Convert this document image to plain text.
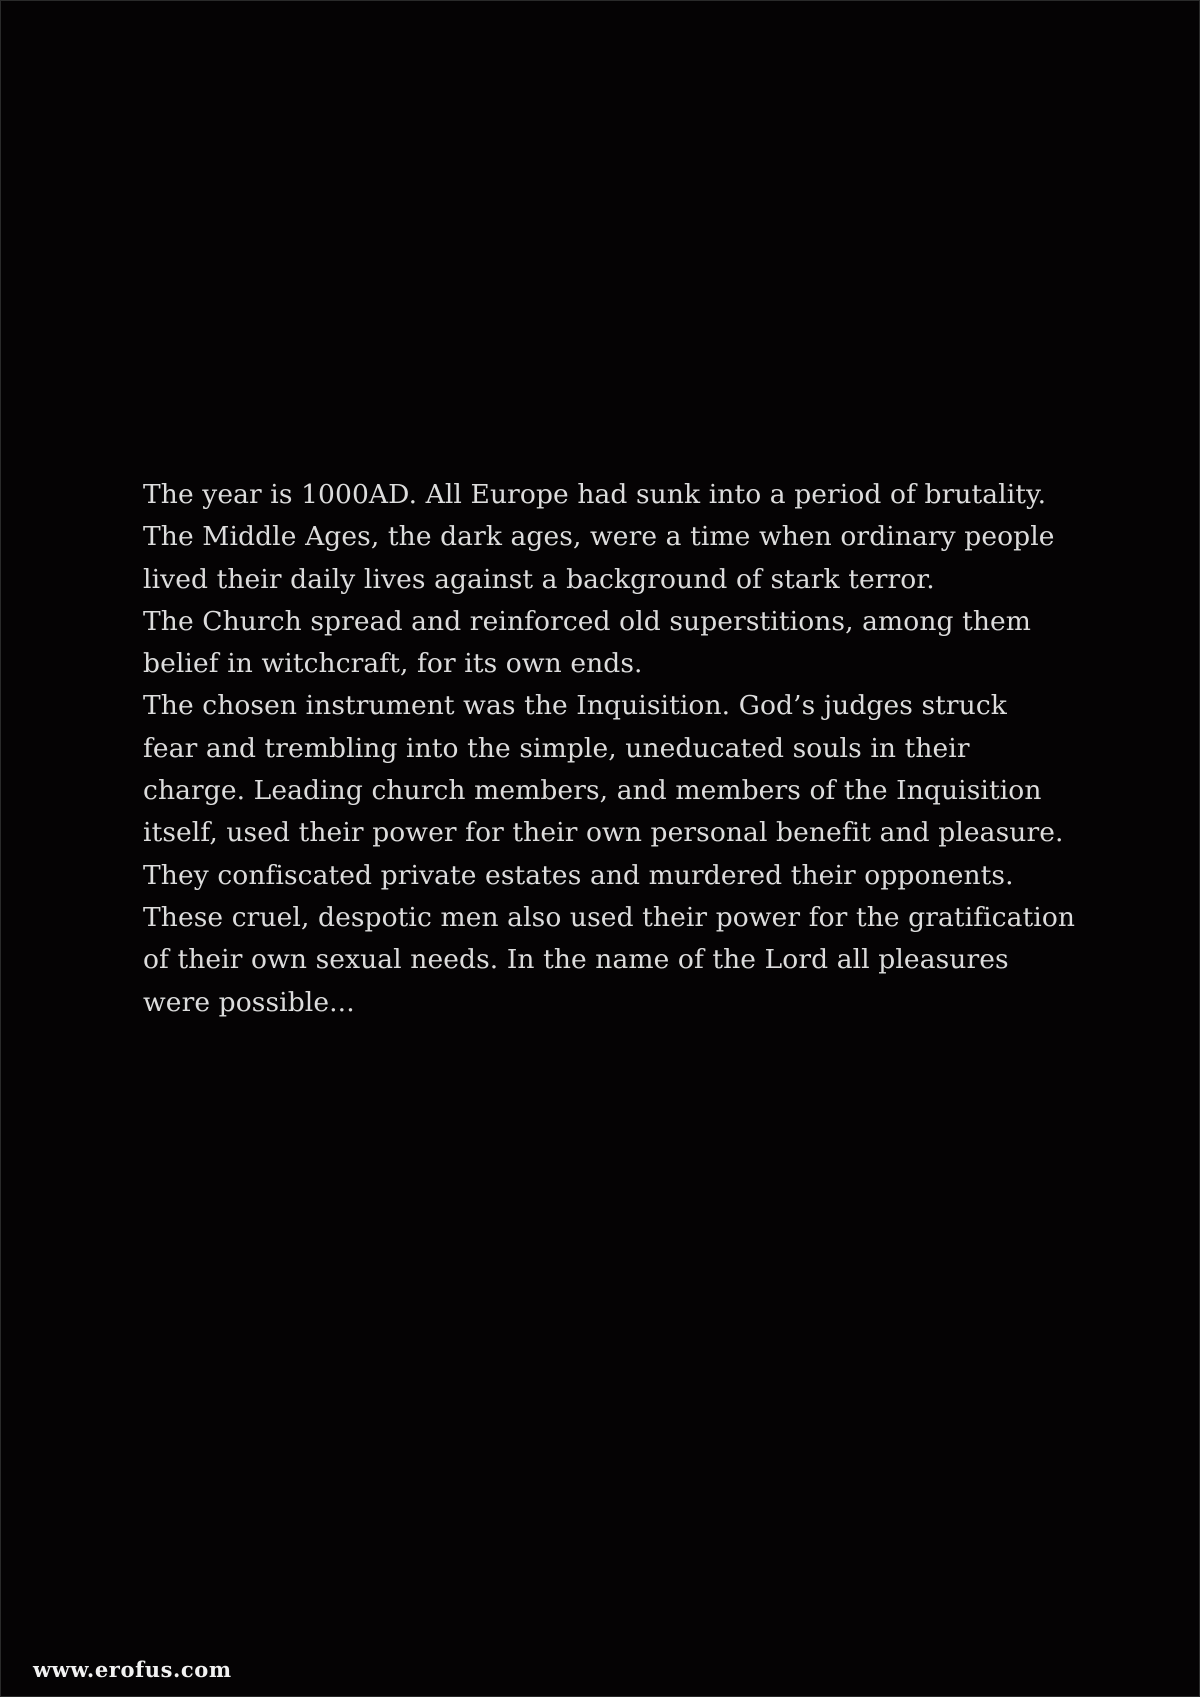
The year is 1000AD. All Europe had sunk into a period of brutality.
The Middle Ages, the dark ages, were a time when ordinary people
lived their daily lives against a background of stark terror.
The Church spread and reinforced old superstitions, among them
belief in witchcraft, for its own ends.
The chosen instrument was the Inquisition. God’s judges struck
fear and trembling into the simple, uneducated souls in their
charge. Leading church members, and members of the Inquisition
itself, used their power for their own personal benefit and pleasure.
They confiscated private estates and murdered their opponents.
These cruel, despotic men also used their power for the gratification
of their own sexual needs. In the name of the Lord all pleasures
were possible...
www.erofus.com
